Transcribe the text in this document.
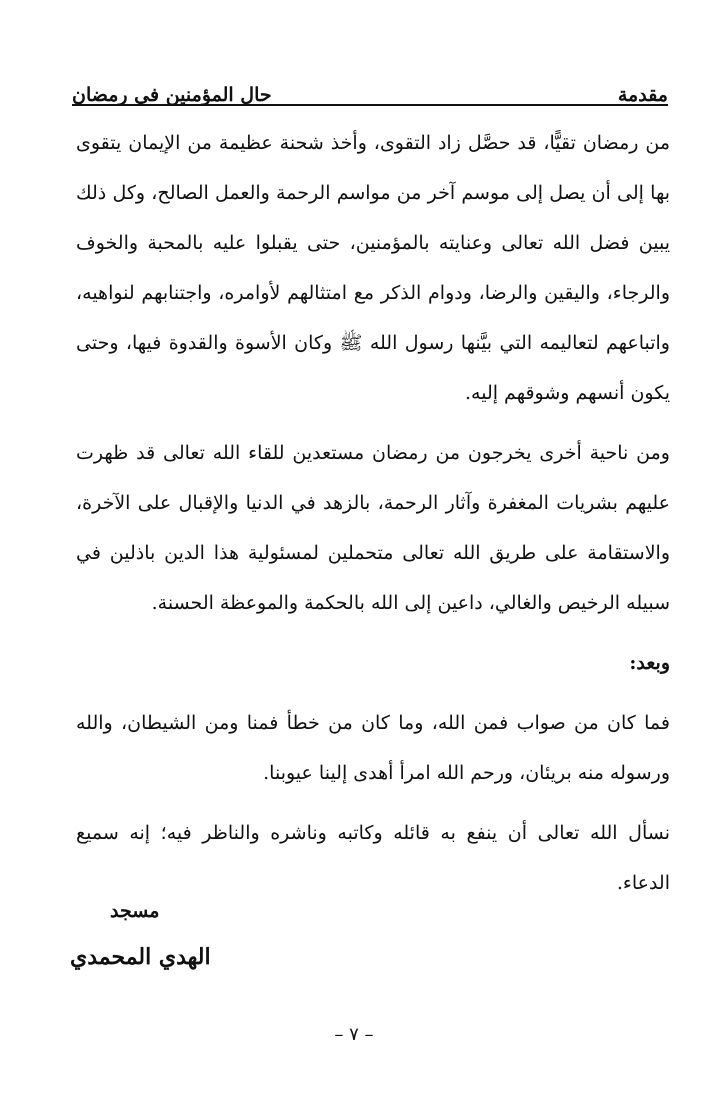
مقدمة
حال المؤمنين في رمضان

من رمضان تقيًّا، قد حصَّل زاد التقوى، وأخذ شحنة عظيمة من الإيمان يتقوى بها إلى أن يصل إلى موسم آخر من مواسم الرحمة والعمل الصالح، وكل ذلك يبين فضل الله تعالى وعنايته بالمؤمنين، حتى يقبلوا عليه بالمحبة والخوف والرجاء، واليقين والرضا، ودوام الذكر مع امتثالهم لأوامره، واجتنابهم لنواهيه، واتباعهم لتعاليمه التي بيَّنها رسول الله ﷺ وكان الأسوة والقدوة فيها، وحتى يكون أنسهم وشوقهم إليه.

ومن ناحية أخرى يخرجون من رمضان مستعدين للقاء الله تعالى قد ظهرت عليهم بشريات المغفرة وآثار الرحمة، بالزهد في الدنيا والإقبال على الآخرة، والاستقامة على طريق الله تعالى متحملين لمسئولية هذا الدين باذلين في سبيله الرخيص والغالي، داعين إلى الله بالحكمة والموعظة الحسنة.

وبعد:

فما كان من صواب فمن الله، وما كان من خطأ فمنا ومن الشيطان، والله ورسوله منه بريئان، ورحم الله امرأ أهدى إلينا عيوبنا.

نسأل الله تعالى أن ينفع به قائله وكاتبه وناشره والناظر فيه؛ إنه سميع الدعاء.

مسجد
الهدي المحمدي
– ٧ –
